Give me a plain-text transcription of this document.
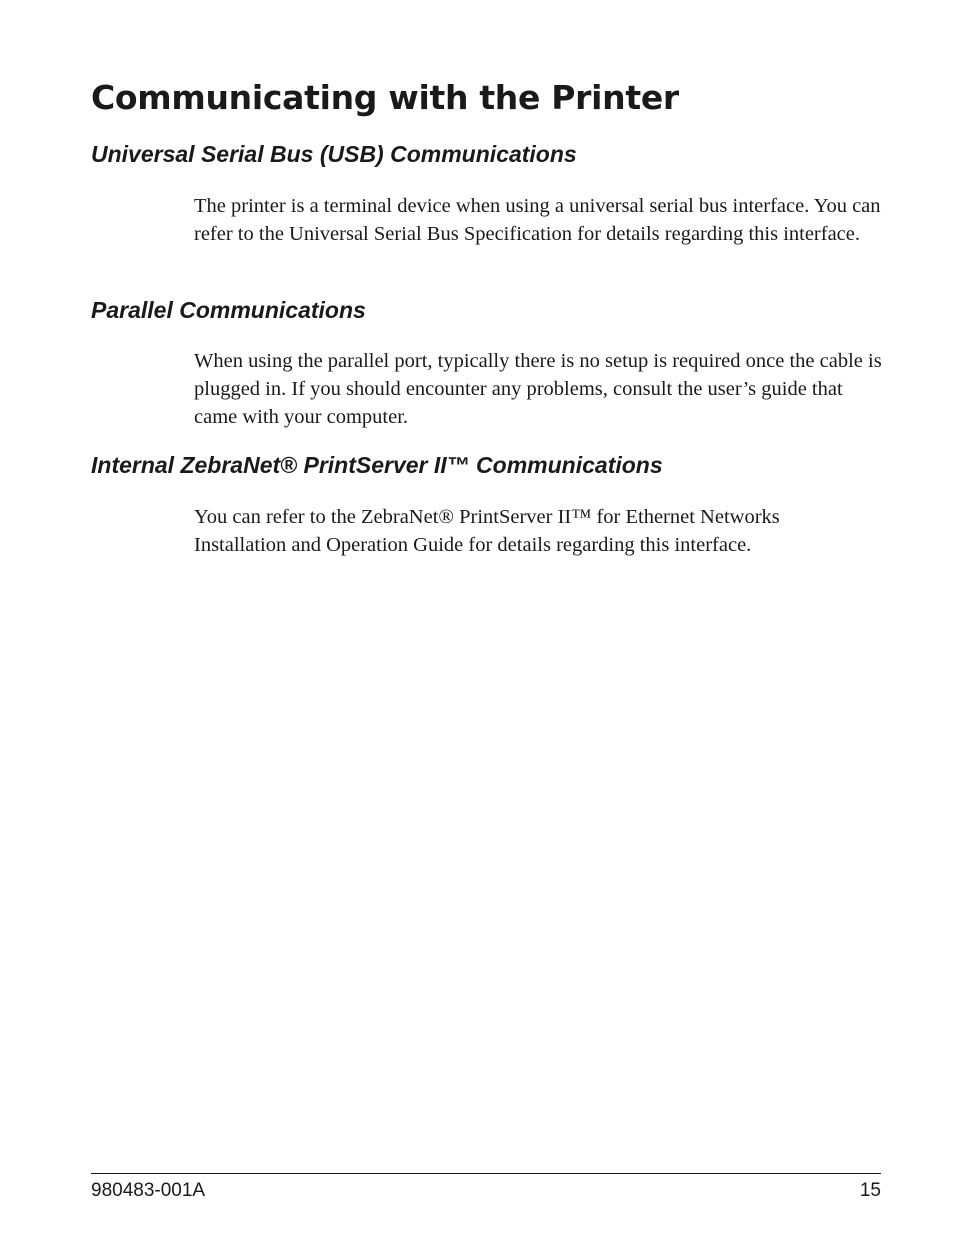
Communicating with the Printer
Universal Serial Bus (USB) Communications

The printer is a terminal device when using a universal serial bus interface. You can refer to the Universal Serial Bus Specification for details regarding this interface.

Parallel Communications

When using the parallel port, typically there is no setup is required once the cable is plugged in. If you should encounter any problems, consult the user’s guide that came with your computer.

Internal ZebraNet® PrintServer II™ Communications

You can refer to the ZebraNet® PrintServer II™ for Ethernet Networks Installation and Operation Guide for details regarding this interface.

980483-001A	15
